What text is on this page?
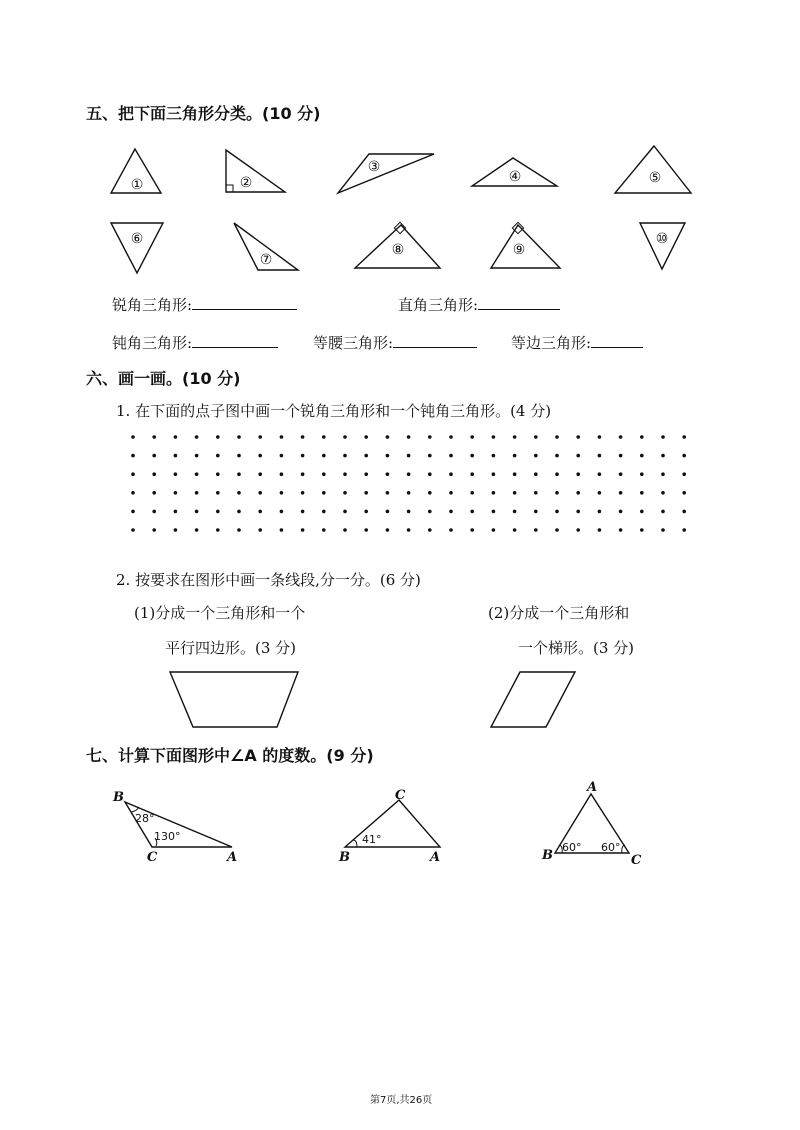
五、把下面三角形分类。(10 分)
①	②
③
④	⑤
⑥
⑦
⑧	⑨
⑩
锐角三角形:	直角三角形:
钝角三角形:	等腰三角形:	等边三角形:
六、画一画。(10 分)
1. 在下面的点子图中画一个锐角三角形和一个钝角三角形。(4 分)
2. 按要求在图形中画一条线段,分一分。(6 分)
(1)分成一个三角形和一个
平行四边形。(3 分)
(2)分成一个三角形和
一个梯形。(3 分)
七、计算下面图形中∠A 的度数。(9 分)
B
C	A
C
B	A
A
B	C
28°
130°	41°
60° 60°
第7页,共26页
